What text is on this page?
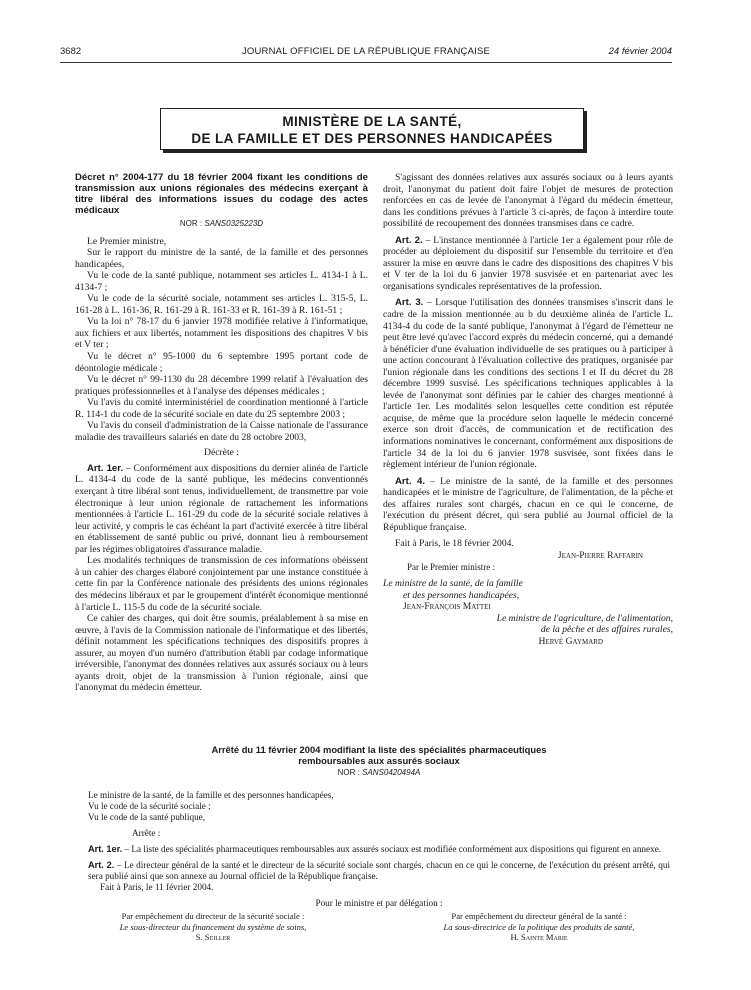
3682	JOURNAL OFFICIEL DE LA RÉPUBLIQUE FRANÇAISE	24 février 2004
MINISTÈRE DE LA SANTÉ,
DE LA FAMILLE ET DES PERSONNES HANDICAPÉES

Décret n° 2004-177 du 18 février 2004 fixant les conditions de transmission aux unions régionales des médecins exerçant à titre libéral des informations issues du codage des actes médicaux

NOR : SANS0325223D

Le Premier ministre,

Sur le rapport du ministre de la santé, de la famille et des personnes handicapées,

Vu le code de la santé publique, notamment ses articles L. 4134-1 à L. 4134-7 ;

Vu le code de la sécurité sociale, notamment ses articles L. 315-5, L. 161-28 à L. 161-36, R. 161-29 à R. 161-33 et R. 161-39 à R. 161-51 ;

Vu la loi n° 78-17 du 6 janvier 1978 modifiée relative à l'informatique, aux fichiers et aux libertés, notamment les dispositions des chapitres V bis et V ter ;

Vu le décret n° 95-1000 du 6 septembre 1995 portant code de déontologie médicale ;

Vu le décret n° 99-1130 du 28 décembre 1999 relatif à l'évaluation des pratiques professionnelles et à l'analyse des dépenses médicales ;

Vu l'avis du comité interministériel de coordination mentionné à l'article R. 114-1 du code de la sécurité sociale en date du 25 septembre 2003 ;

Vu l'avis du conseil d'administration de la Caisse nationale de l'assurance maladie des travailleurs salariés en date du 28 octobre 2003,

Décrète :

Art. 1er. – Conformément aux dispositions du dernier alinéa de l'article L. 4134-4 du code de la santé publique, les médecins conventionnés exerçant à titre libéral sont tenus, individuellement, de transmettre par voie électronique à leur union régionale de rattachement les informations mentionnées à l'article L. 161-29 du code de la sécurité sociale relatives à leur activité, y compris le cas échéant la part d'activité exercée à titre libéral en établissement de santé public ou privé, donnant lieu à remboursement par les régimes obligatoires d'assurance maladie.

Les modalités techniques de transmission de ces informations obéissent à un cahier des charges élaboré conjointement par une instance constituée à cette fin par la Conférence nationale des présidents des unions régionales des médecins libéraux et par le groupement d'intérêt économique mentionné à l'article L. 115-5 du code de la sécurité sociale.

Ce cahier des charges, qui doit être soumis, préalablement à sa mise en œuvre, à l'avis de la Commission nationale de l'informatique et des libertés, définit notamment les spécifications techniques des dispositifs propres à assurer, au moyen d'un numéro d'attribution établi par codage informatique irréversible, l'anonymat des données relatives aux assurés sociaux ou à leurs ayants droit, objet de la transmission à l'union régionale, ainsi que l'anonymat du médecin émetteur.

S'agissant des données relatives aux assurés sociaux ou à leurs ayants droit, l'anonymat du patient doit faire l'objet de mesures de protection renforcées en cas de levée de l'anonymat à l'égard du médecin émetteur, dans les conditions prévues à l'article 3 ci-après, de façon à interdire toute possibilité de recoupement des données transmises dans ce cadre.

Art. 2. – L'instance mentionnée à l'article 1er a également pour rôle de procéder au déploiement du dispositif sur l'ensemble du territoire et d'en assurer la mise en œuvre dans le cadre des dispositions des chapitres V bis et V ter de la loi du 6 janvier 1978 susvisée et en partenariat avec les organisations syndicales représentatives de la profession.

Art. 3. – Lorsque l'utilisation des données transmises s'inscrit dans le cadre de la mission mentionnée au b du deuxième alinéa de l'article L. 4134-4 du code de la santé publique, l'anonymat à l'égard de l'émetteur ne peut être levé qu'avec l'accord exprès du médecin concerné, qui a demandé à bénéficier d'une évaluation individuelle de ses pratiques ou à participer à une action concourant à l'évaluation collective des pratiques, organisée par l'union régionale dans les conditions des sections I et II du décret du 28 décembre 1999 susvisé. Les spécifications techniques applicables à la levée de l'anonymat sont définies par le cahier des charges mentionné à l'article 1er. Les modalités selon lesquelles cette condition est réputée acquise, de même que la procédure selon laquelle le médecin concerné exerce son droit d'accès, de communication et de rectification des informations nominatives le concernant, conformément aux dispositions de l'article 34 de la loi du 6 janvier 1978 susvisée, sont fixées dans le règlement intérieur de l'union régionale.

Art. 4. – Le ministre de la santé, de la famille et des personnes handicapées et le ministre de l'agriculture, de l'alimentation, de la pêche et des affaires rurales sont chargés, chacun en ce qui le concerne, de l'exécution du présent décret, qui sera publié au Journal officiel de la République française.

Fait à Paris, le 18 février 2004.

Jean-Pierre Raffarin

Par le Premier ministre :

Le ministre de la santé, de la famille

et des personnes handicapées,

Jean-François Mattei

Le ministre de l'agriculture, de l'alimentation,

de la pêche et des affaires rurales,

Hervé Gaymard

Arrêté du 11 février 2004 modifiant la liste des spécialités pharmaceutiques

remboursables aux assurés sociaux

NOR : SANS0420494A

Le ministre de la santé, de la famille et des personnes handicapées,

Vu le code de la sécurité sociale ;

Vu le code de la santé publique,

Arrête :

Art. 1er. – La liste des spécialités pharmaceutiques remboursables aux assurés sociaux est modifiée conformément aux dispositions qui figurent en annexe.

Art. 2. – Le directeur général de la santé et le directeur de la sécurité sociale sont chargés, chacun en ce qui le concerne, de l'exécution du présent arrêté, qui sera publié ainsi que son annexe au Journal officiel de la République française.

Fait à Paris, le 11 février 2004.

Pour le ministre et par délégation :

Par empêchement du directeur de la sécurité sociale :
Le sous-directeur du financement du système de soins,
S. Seiller
Par empêchement du directeur général de la santé :
La sous-directrice de la politique des produits de santé,
H. Sainte Marie
